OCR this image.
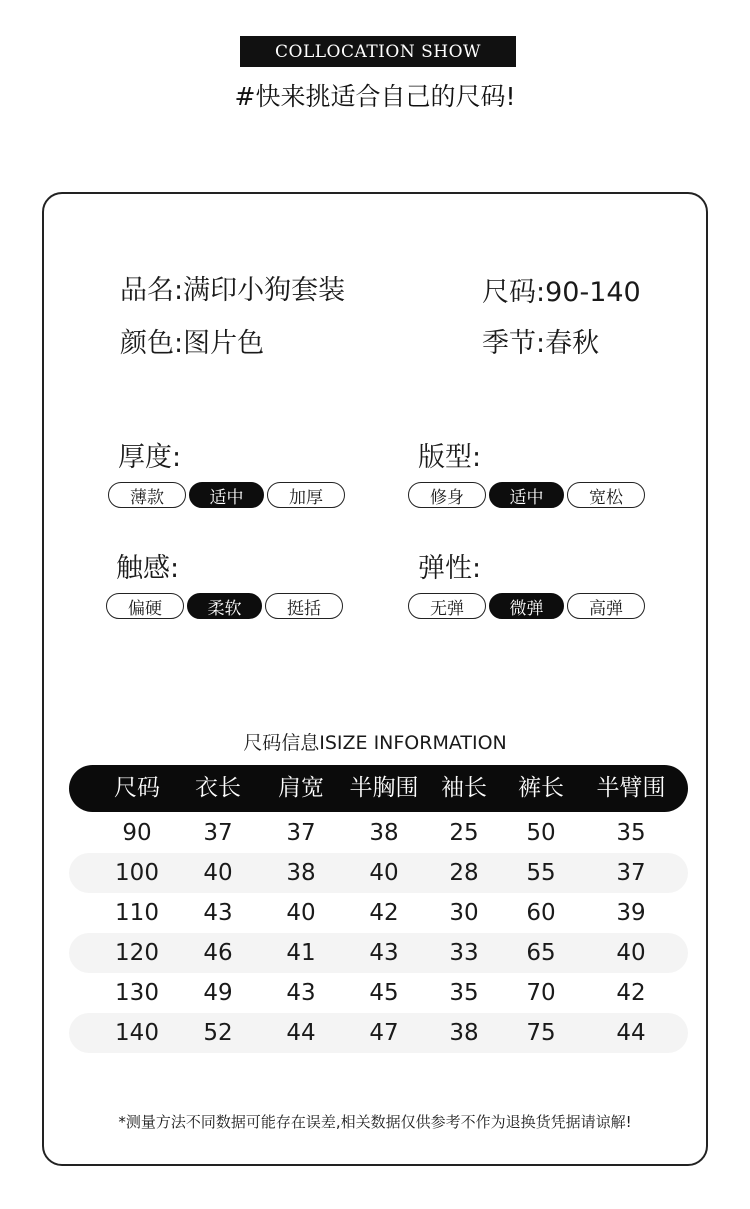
COLLOCATION SHOW
#快来挑适合自己的尺码!
品名:满印小狗套装	尺码:90-140
颜色:图片色	季节:春秋
厚度:
薄款	适中	加厚
版型:
修身	适中	宽松
触感:
偏硬	柔软	挺括
弹性:
无弹	微弹	高弹
尺码信息ISIZE INFORMATION
尺码 衣长 肩宽 半胸围 袖长 裤长 半臂围
90 37 37 38 25 50	35
100 40 38 40 28 55	37
110 43 40 42 30 60	39
120 46 41 43 33 65	40
130 49 43 45 35 70	42
140 52 44 47 38 75	44
*测量方法不同数据可能存在误差,相关数据仅供参考不作为退换货凭据请谅解!
